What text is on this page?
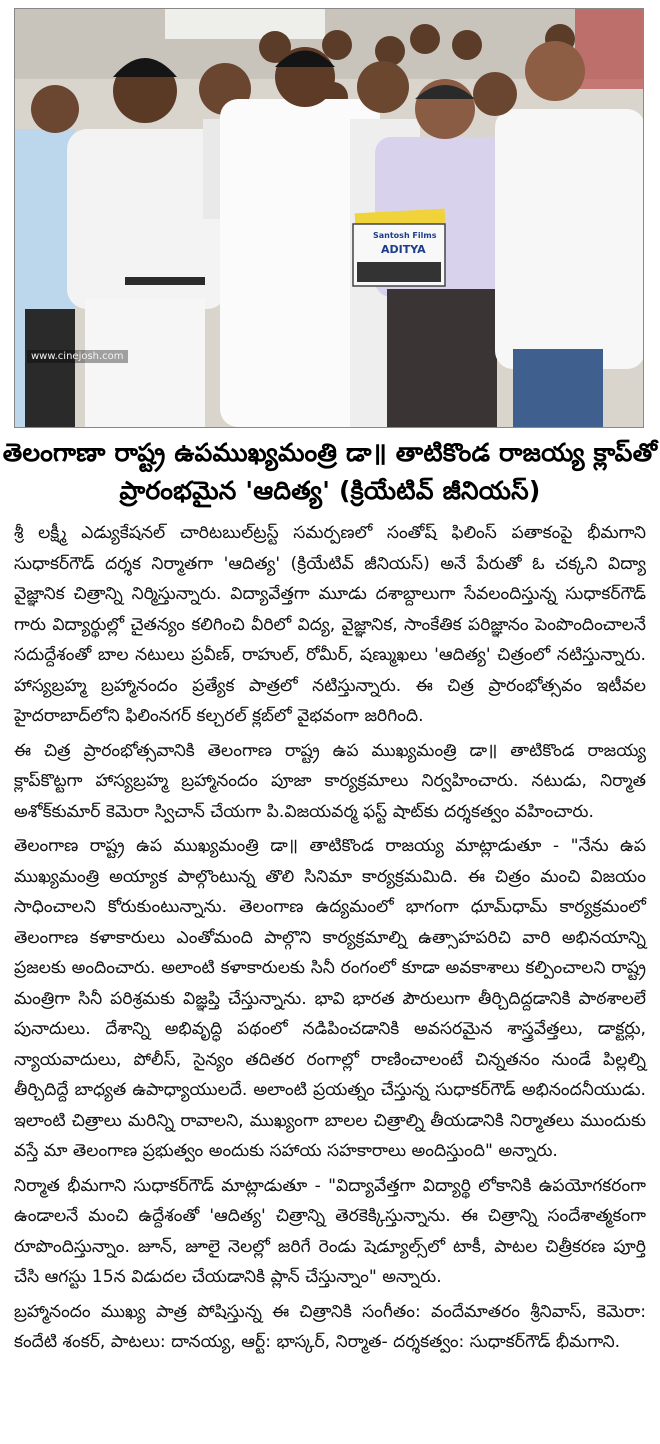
Santosh Films
ADITYA
www.cinejosh.com
తెలంగాణా రాష్ట్ర ఉపముఖ్యమంత్రి డా॥ తాటికొండ రాజయ్య క్లాప్‌తో
ప్రారంభమైన 'ఆదిత్య' (క్రియేటివ్ జీనియస్)

శ్రీ లక్ష్మీ ఎడ్యుకేషనల్ చారిటబుల్‌ట్రస్ట్ సమర్పణలో సంతోష్ ఫిలింస్ పతాకంపై భీమగాని సుధాకర్‌గౌడ్ దర్శక నిర్మాతగా 'ఆదిత్య' (క్రియేటివ్ జీనియస్) అనే పేరుతో ఓ చక్కని విద్యా వైజ్ఞానిక చిత్రాన్ని నిర్మిస్తున్నారు. విద్యావేత్తగా మూడు దశాబ్దాలుగా సేవలందిస్తున్న సుధాకర్‌గౌడ్ గారు విద్యార్థుల్లో చైతన్యం కలిగించి వీరిలో విద్య, వైజ్ఞానిక, సాంకేతిక పరిజ్ఞానం పెంపొందించాలనే సదుద్దేశంతో బాల నటులు ప్రవీణ్, రాహుల్, రోమీర్, షణ్ముఖలు 'ఆదిత్య' చిత్రంలో నటిస్తున్నారు. హాస్యబ్రహ్మ బ్రహ్మానందం ప్రత్యేక పాత్రలో నటిస్తున్నారు. ఈ చిత్ర ప్రారంభోత్సవం ఇటీవల హైదరాబాద్‌లోని ఫిలింనగర్ కల్చరల్ క్లబ్‌లో వైభవంగా జరిగింది.

ఈ చిత్ర ప్రారంభోత్సవానికి తెలంగాణ రాష్ట్ర ఉప ముఖ్యమంత్రి డా॥ తాటికొండ రాజయ్య క్లాప్‌కొట్టగా హాస్యబ్రహ్మ బ్రహ్మానందం పూజా కార్యక్రమాలు నిర్వహించారు. నటుడు, నిర్మాత అశోక్‌కుమార్ కెమెరా స్విచాన్ చేయగా పి.విజయవర్మ ఫస్ట్ షాట్‌కు దర్శకత్వం వహించారు.

తెలంగాణ రాష్ట్ర ఉప ముఖ్యమంత్రి డా॥ తాటికొండ రాజయ్య మాట్లాడుతూ - "నేను ఉప ముఖ్యమంత్రి అయ్యాక పాల్గొంటున్న తొలి సినిమా కార్యక్రమమిది. ఈ చిత్రం మంచి విజయం సాధించాలని కోరుకుంటున్నాను. తెలంగాణ ఉద్యమంలో భాగంగా ధూమ్‌ధామ్ కార్యక్రమంలో తెలంగాణ కళాకారులు ఎంతోమంది పాల్గొని కార్యక్రమాల్ని ఉత్సాహపరిచి వారి అభినయాన్ని ప్రజలకు అందించారు. అలాంటి కళాకారులకు సినీ రంగంలో కూడా అవకాశాలు కల్పించాలని రాష్ట్ర మంత్రిగా సినీ పరిశ్రమకు విజ్ఞప్తి చేస్తున్నాను. భావి భారత పౌరులుగా తీర్చిదిద్దడానికి పాఠశాలలే పునాదులు. దేశాన్ని అభివృద్ధి పథంలో నడిపించడానికి అవసరమైన శాస్త్రవేత్తలు, డాక్టర్లు, న్యాయవాదులు, పోలీస్, సైన్యం తదితర రంగాల్లో రాణించాలంటే చిన్నతనం నుండే పిల్లల్ని తీర్చిదిద్దే బాధ్యత ఉపాధ్యాయులదే. అలాంటి ప్రయత్నం చేస్తున్న సుధాకర్‌గౌడ్ అభినందనీయుడు. ఇలాంటి చిత్రాలు మరిన్ని రావాలని, ముఖ్యంగా బాలల చిత్రాల్ని తీయడానికి నిర్మాతలు ముందుకు వస్తే మా తెలంగాణ ప్రభుత్వం అందుకు సహాయ సహకారాలు అందిస్తుంది" అన్నారు.

నిర్మాత భీమగాని సుధాకర్‌గౌడ్ మాట్లాడుతూ - "విద్యావేత్తగా విద్యార్థి లోకానికి ఉపయోగకరంగా ఉండాలనే మంచి ఉద్దేశంతో 'ఆదిత్య' చిత్రాన్ని తెరకెక్కిస్తున్నాను. ఈ చిత్రాన్ని సందేశాత్మకంగా రూపొందిస్తున్నాం. జూన్, జూలై నెలల్లో జరిగే రెండు షెడ్యూల్స్‌లో టాకీ, పాటల చిత్రీకరణ పూర్తి చేసి ఆగస్టు 15న విడుదల చేయడానికి ప్లాన్ చేస్తున్నాం" అన్నారు.

బ్రహ్మానందం ముఖ్య పాత్ర పోషిస్తున్న ఈ చిత్రానికి సంగీతం: వందేమాతరం శ్రీనివాస్, కెమెరా: కందేటి శంకర్, పాటలు: దానయ్య, ఆర్ట్: భాస్కర్, నిర్మాత- దర్శకత్వం: సుధాకర్‌గౌడ్ భీమగాని.
